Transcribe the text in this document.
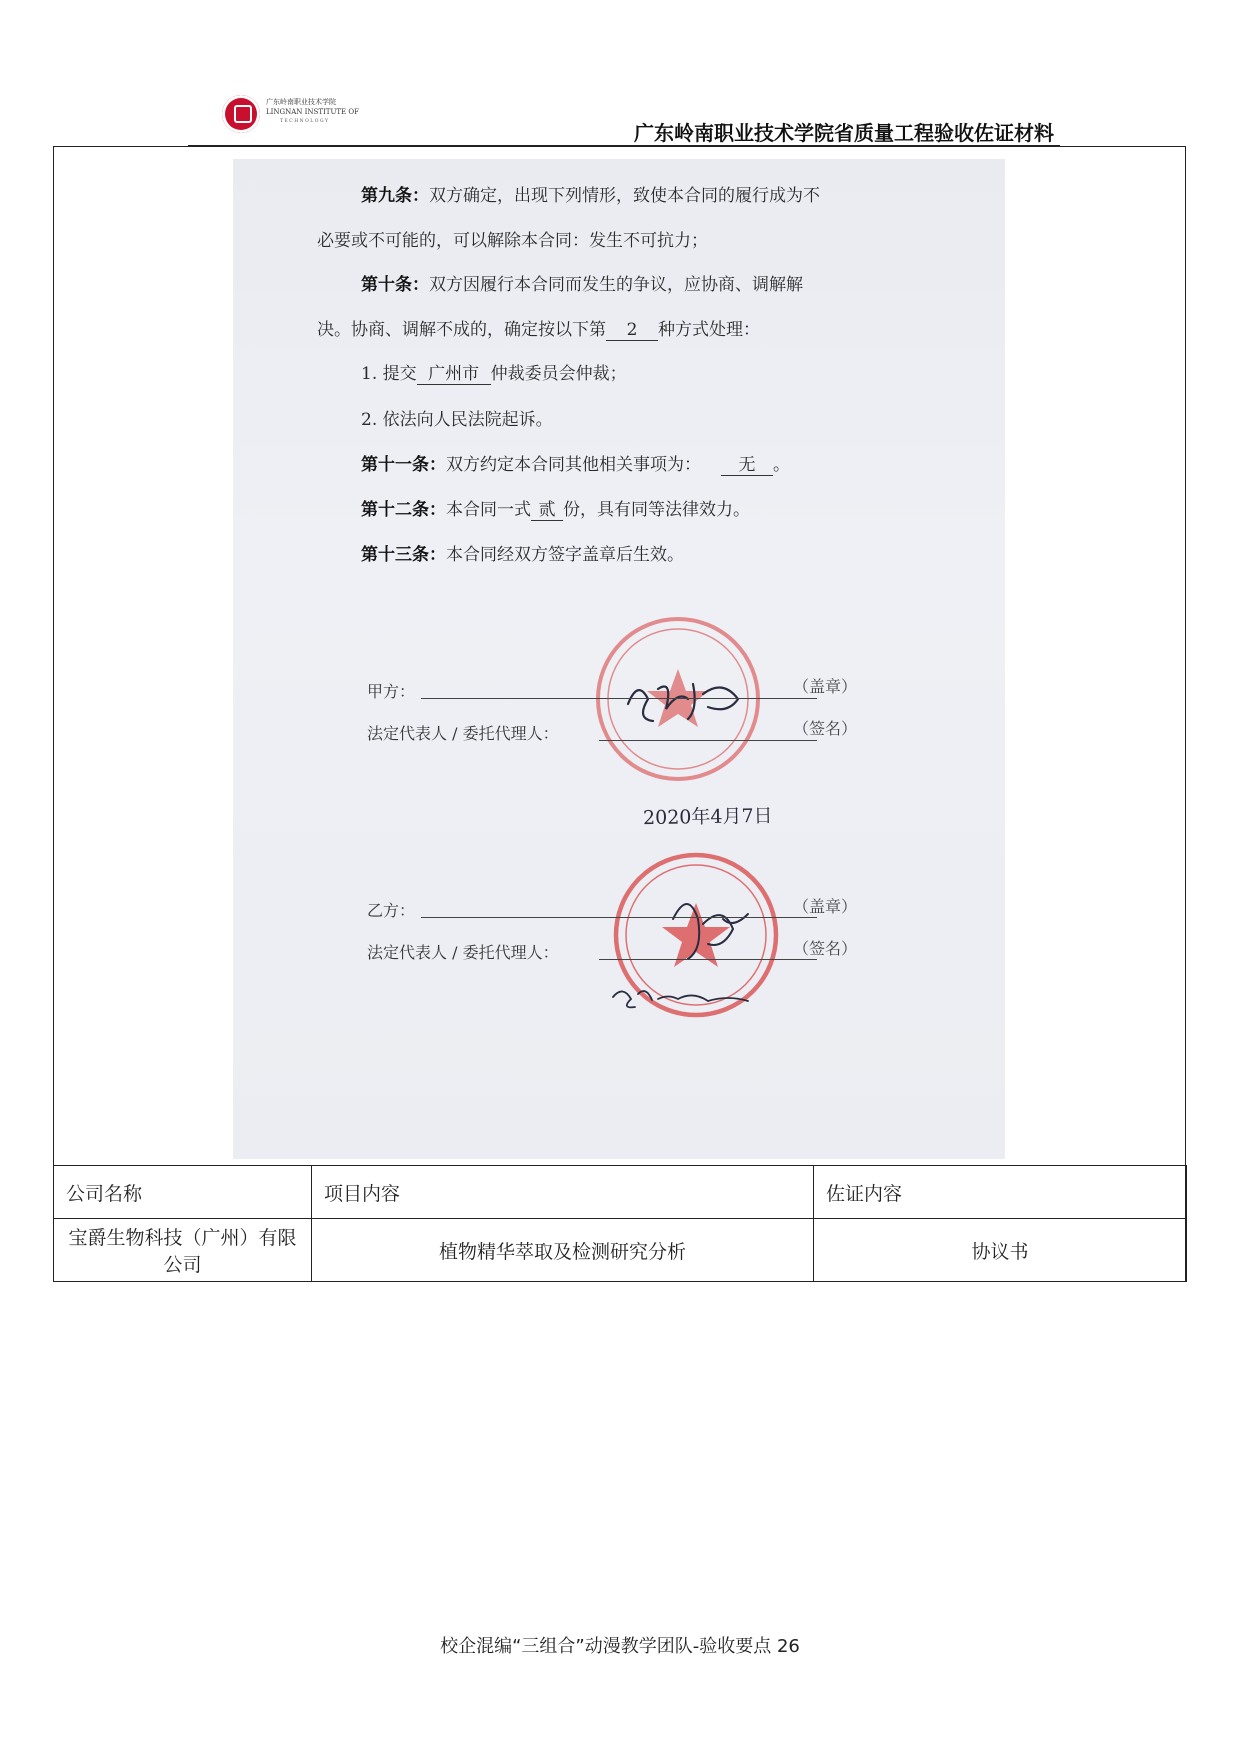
广东岭南职业技术学院
LINGNAN INSTITUTE OF
TECHNOLOGY	广东岭南职业技术学院省质量工程验收佐证材料
第九条：双方确定，出现下列情形，致使本合同的履行成为不
必要或不可能的，可以解除本合同：发生不可抗力；
第十条：双方因履行本合同而发生的争议，应协商、调解解
决。协商、调解不成的，确定按以下第 2 种方式处理：
1. 提交 广州市 仲裁委员会仲裁；
2. 依法向人民法院起诉。
第十一条：双方约定本合同其他相关事项为： 无 。
第十二条：本合同一式 贰 份，具有同等法律效力。
第十三条：本合同经双方签字盖章后生效。
甲方：	（盖章）
法定代表人 / 委托代理人：	（签名）
2020年4月7日
乙方：	（盖章）
法定代表人 / 委托代理人：	（签名）
公司名称	项目内容	佐证内容
宝爵生物科技（广州）有限公司	植物精华萃取及检测研究分析	协议书
校企混编“三组合”动漫教学团队-验收要点 26
